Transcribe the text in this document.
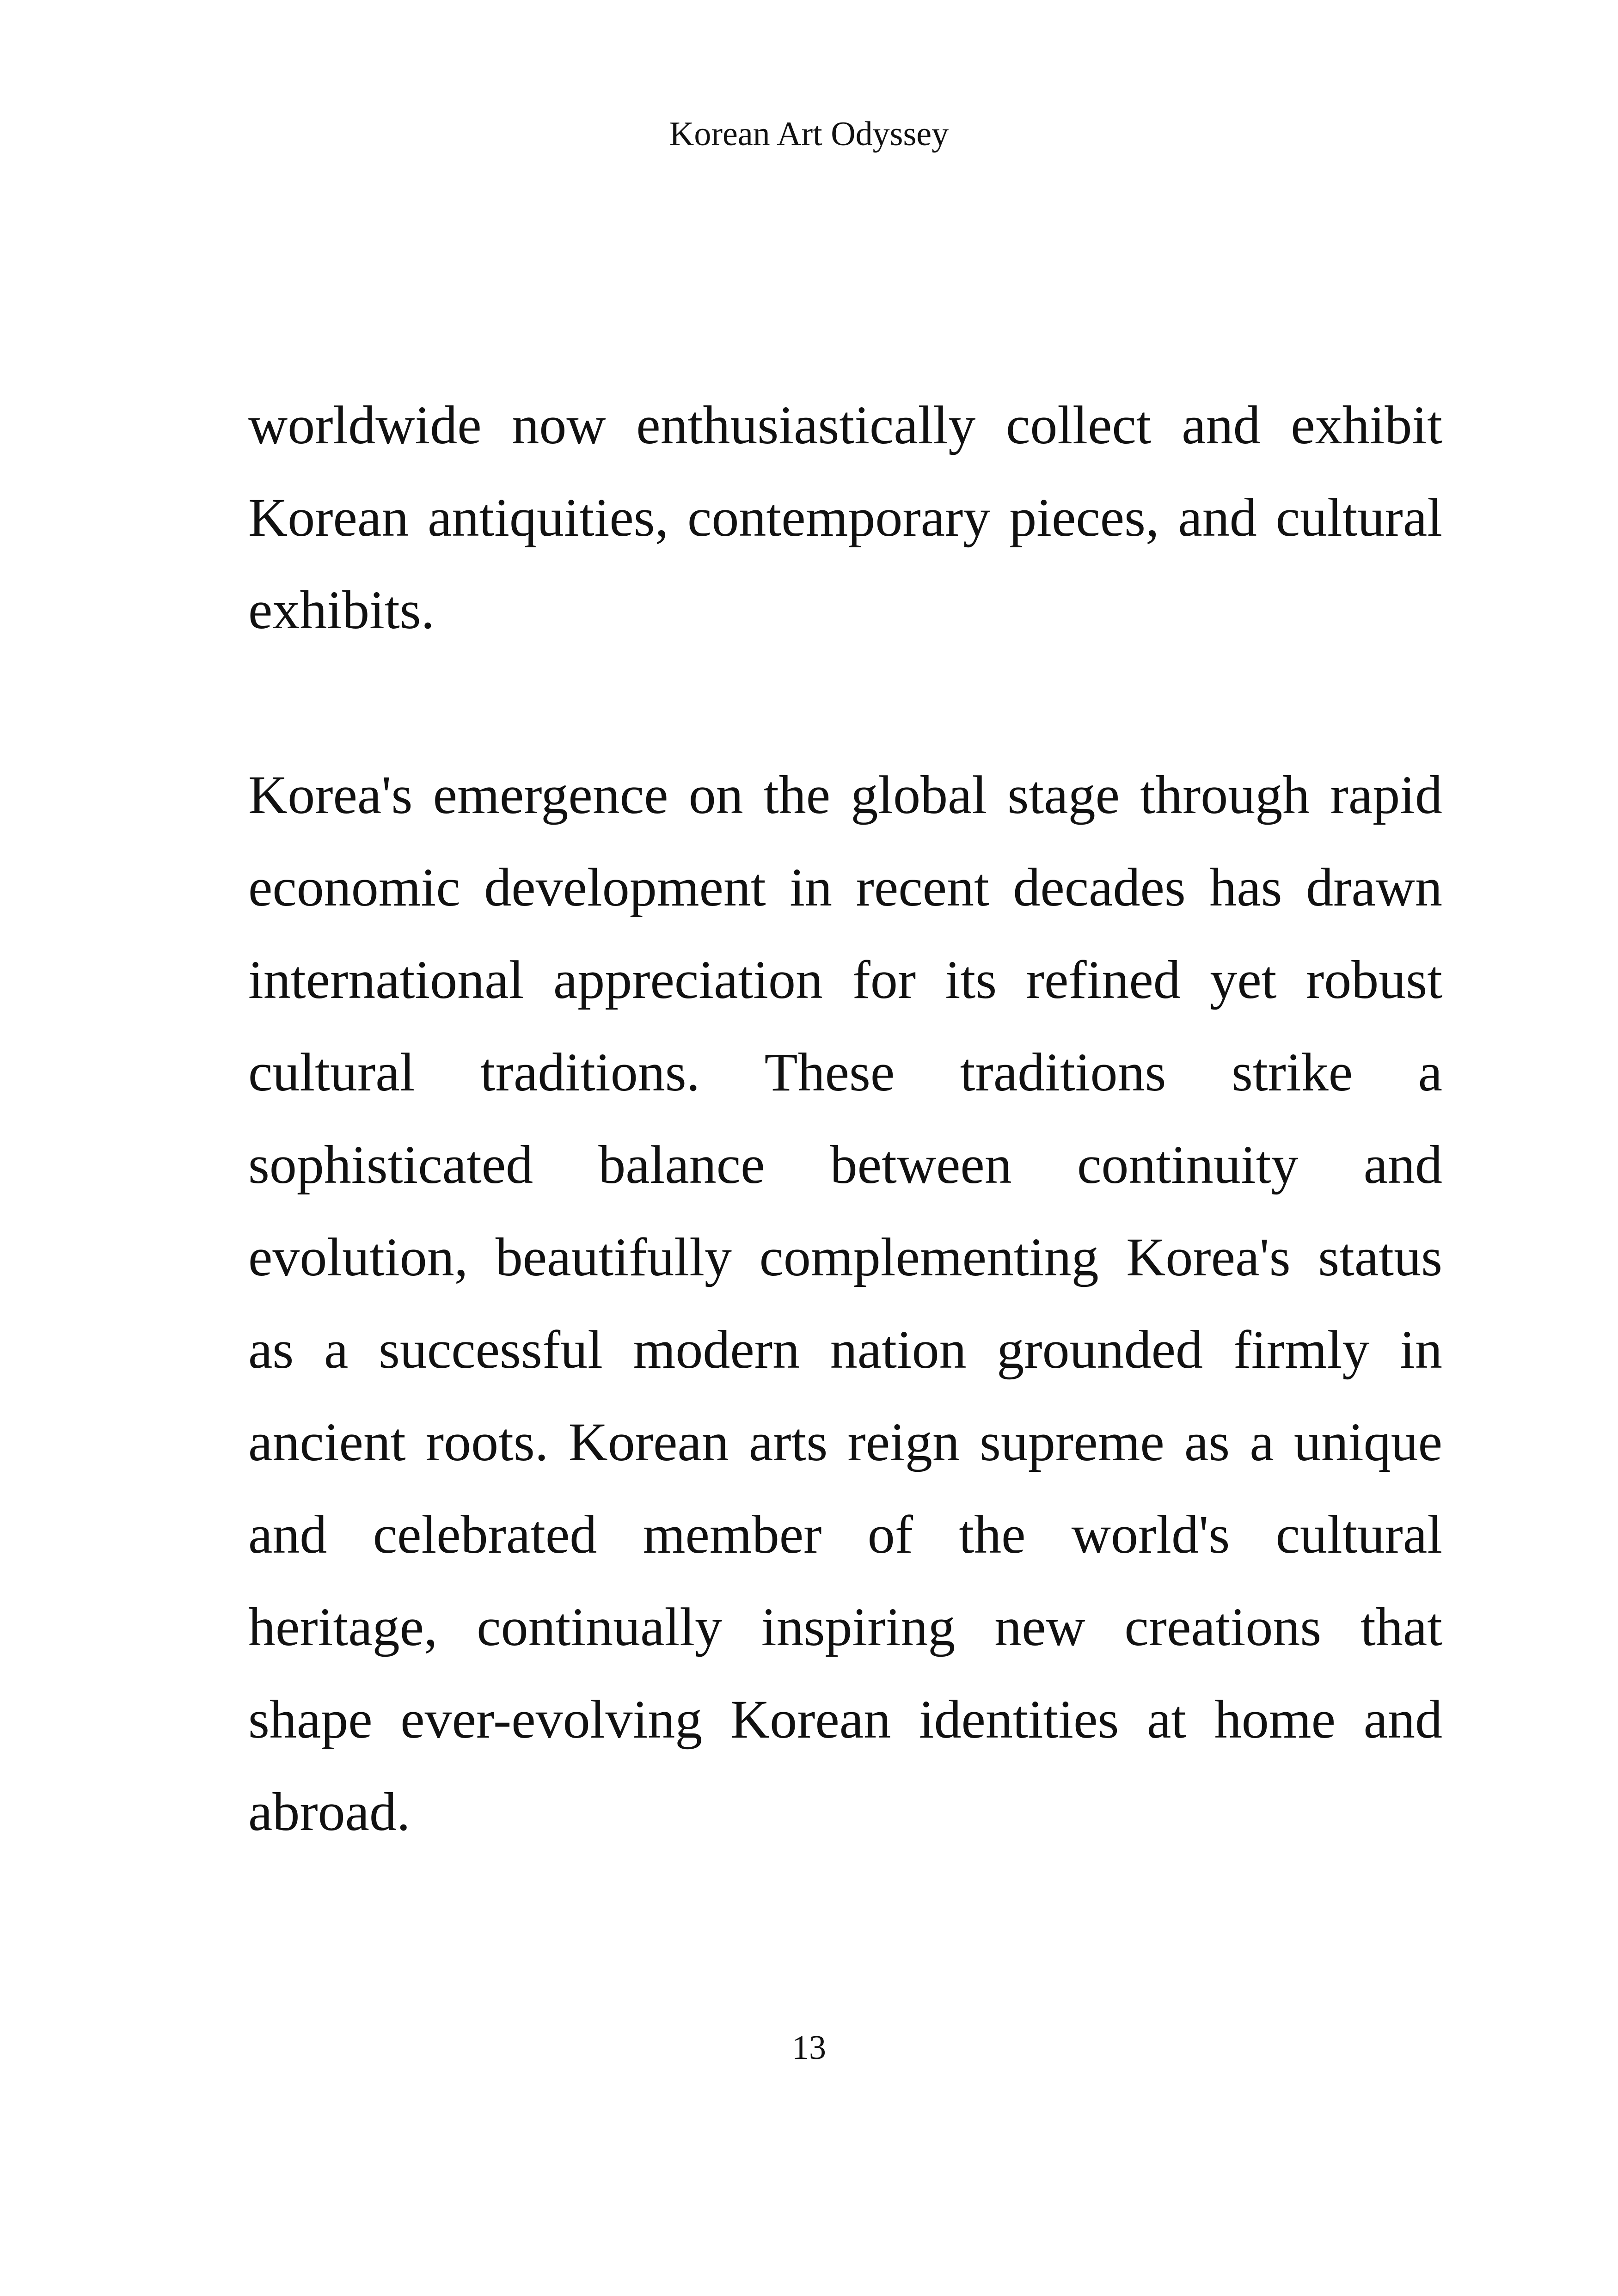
Korean Art Odyssey

worldwide now enthusiastically collect and exhibit Korean antiquities, contemporary pieces, and cultural exhibits.

Korea's emergence on the global stage through rapid economic development in recent decades has drawn international appreciation for its refined yet robust cultural traditions. These traditions strike a sophisticated balance between continuity and evolution, beautifully complementing Korea's status as a successful modern nation grounded firmly in ancient roots. Korean arts reign supreme as a unique and celebrated member of the world's cultural heritage, continually inspiring new creations that shape ever-evolving Korean identities at home and abroad.

13
